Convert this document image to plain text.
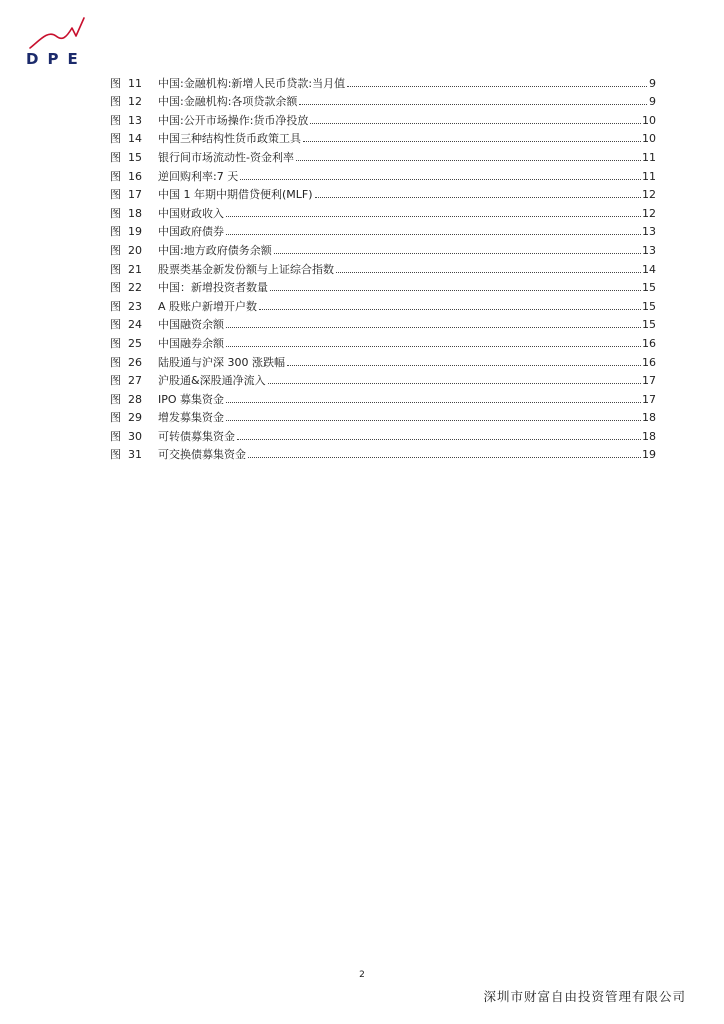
DPE
图 11	中国:金融机构:新增人民币贷款:当月值	9
图 12	中国:金融机构:各项贷款余额	9
图 13	中国:公开市场操作:货币净投放	10
图 14	中国三种结构性货币政策工具	10
图 15	银行间市场流动性-资金利率	11
图 16	逆回购利率:7 天	11
图 17	中国 1 年期中期借贷便利(MLF)	12
图 18	中国财政收入	12
图 19	中国政府债券	13
图 20	中国:地方政府债务余额	13
图 21	股票类基金新发份额与上证综合指数	14
图 22	中国：新增投资者数量	15
图 23	A 股账户新增开户数	15
图 24	中国融资余额	15
图 25	中国融券余额	16
图 26	陆股通与沪深 300 涨跌幅	16
图 27	沪股通&深股通净流入	17
图 28	IPO 募集资金	17
图 29	增发募集资金	18
图 30	可转债募集资金	18
图 31	可交换债募集资金	19
2
深圳市财富自由投资管理有限公司
